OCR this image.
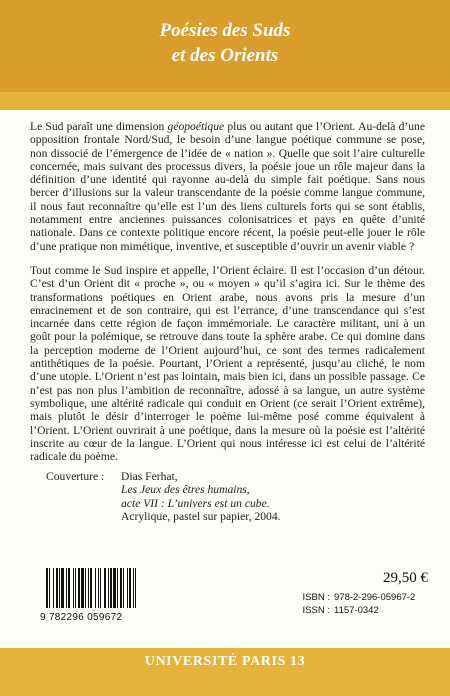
Poésies des Suds
et des Orients

Le Sud paraît une dimension géopoétique plus ou autant que l’Orient. Au-delà d’une opposition frontale Nord/Sud, le besoin d’une langue poétique commune se pose, non dissocié de l’émergence de l’idée de « nation ». Quelle que soit l’aire culturelle concernée, mais suivant des processus divers, la poésie joue un rôle majeur dans la définition d’une identité qui rayonne au-delà du simple fait poétique. Sans nous bercer d’illusions sur la valeur transcendante de la poésie comme langue commune, il nous faut reconnaître qu’elle est l’un des liens culturels forts qui se sont établis, notamment entre anciennes puissances colonisatrices et pays en quête d’unité nationale. Dans ce contexte politique encore récent, la poésie peut-elle jouer le rôle d’une pratique non mimétique, inventive, et susceptible d’ouvrir un avenir viable ?

Tout comme le Sud inspire et appelle, l’Orient éclaire. Il est l’occasion d’un détour. C’est d’un Orient dit « proche », ou « moyen » qu’il s’agira ici. Sur le thème des transformations poétiques en Orient arabe, nous avons pris la mesure d’un enracinement et de son contraire, qui est l’errance, d’une transcendance qui s’est incarnée dans cette région de façon immémoriale. Le caractère militant, uni à un goût pour la polémique, se retrouve dans toute la sphère arabe. Ce qui domine dans la perception moderne de l’Orient aujourd’hui, ce sont des termes radicalement antithétiques de la poésie. Pourtant, l’Orient a représenté, jusqu’au cliché, le nom d’une utopie. L’Orient n’est pas lointain, mais bien ici, dans un possible passage. Ce n’est pas non plus l’ambition de reconnaître, adossé à sa langue, un autre système symbolique, une altérité radicale qui conduit en Orient (ce serait l’Orient extrême), mais plutôt le désir d’interroger le poème lui-même posé comme équivalent à l’Orient. L’Orient ouvrirait à une poétique, dans la mesure où la poésie est l’altérité inscrite au cœur de la langue. L’Orient qui nous intéresse ici est celui de l’altérité radicale du poème.

Couverture :	Dias Ferhat,
Les Jeux des êtres humains,
acte VII : L’univers est un cube.
Acrylique, pastel sur papier, 2004.
9 782296 059672
29,50 €
ISBN : 978-2-296-05967-2
ISSN : 1157-0342
UNIVERSITÉ PARIS 13
